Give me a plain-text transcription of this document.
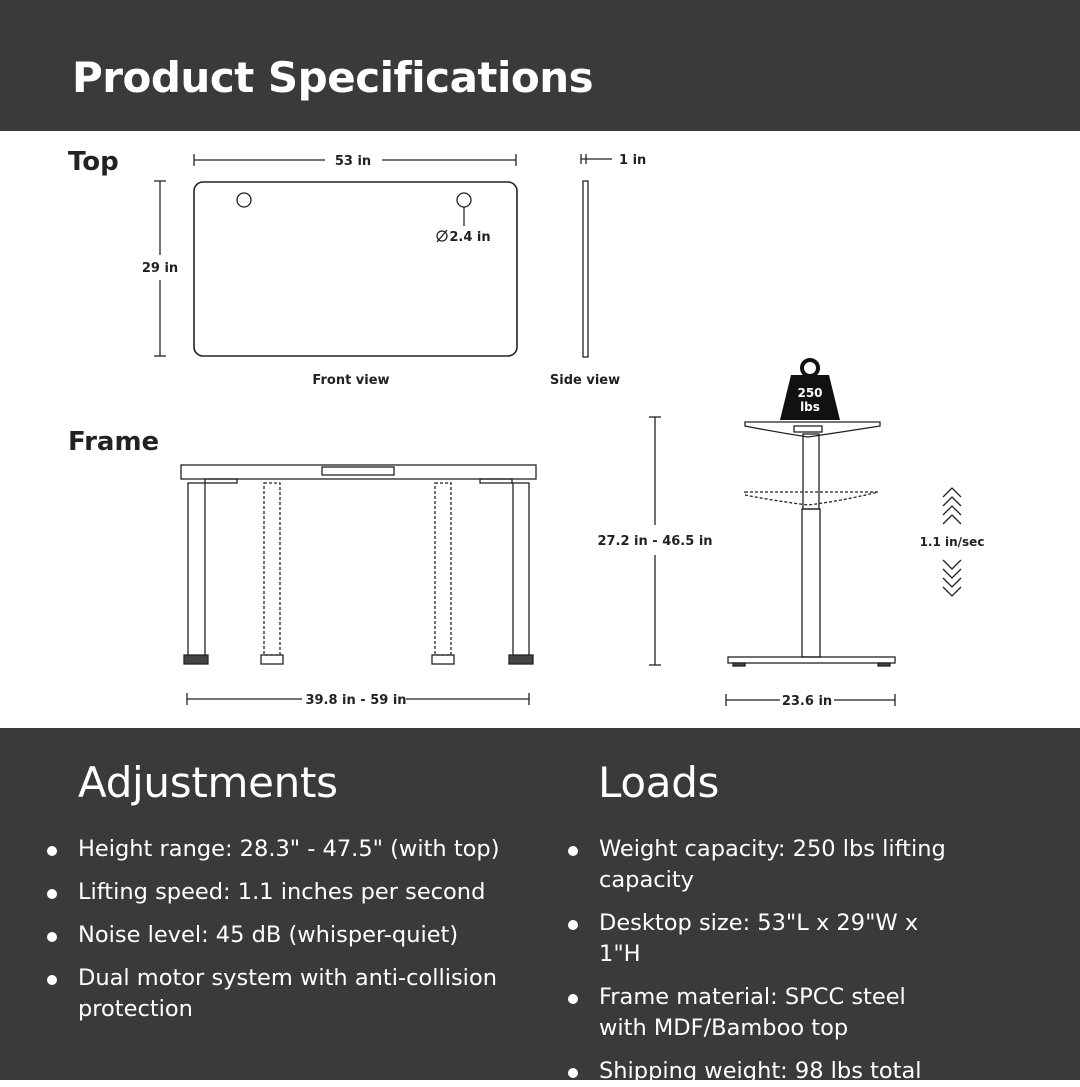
Product Specifications
Top
Frame
250
lbs
53 in
29 in
2.4 in
1 in
Front view	Side view
39.8 in - 59 in
27.2 in - 46.5 in	1.1 in/sec
23.6 in
Adjustments
Height range: 28.3" - 47.5" (with top)
Lifting speed: 1.1 inches per second
Noise level: 45 dB (whisper-quiet)
Dual motor system with anti-collision protection
Loads
Weight capacity: 250 lbs lifting capacity
Desktop size: 53"L x 29"W x 1"H
Frame material: SPCC steel with MDF/Bamboo top
Shipping weight: 98 lbs total
